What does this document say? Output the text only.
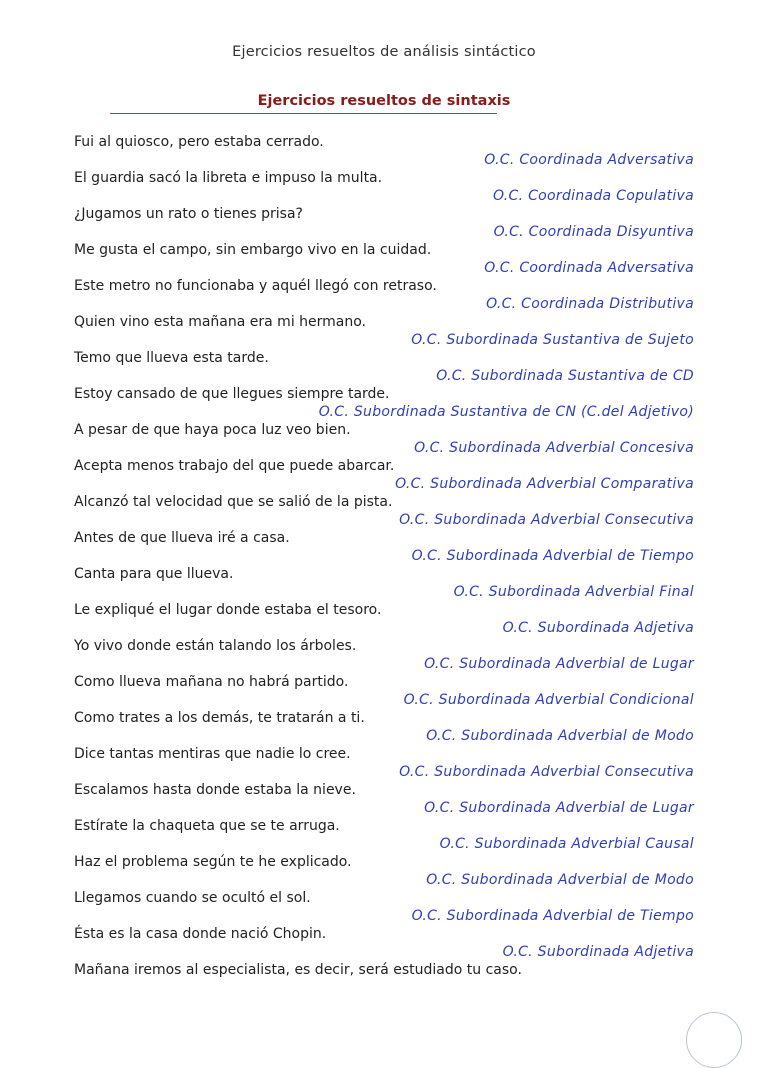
Ejercicios resueltos de análisis sintáctico
Ejercicios resueltos de sintaxis
Fui al quiosco, pero estaba cerrado.
O.C. Coordinada Adversativa
El guardia sacó la libreta e impuso la multa.
O.C. Coordinada Copulativa
¿Jugamos un rato o tienes prisa?
O.C. Coordinada Disyuntiva
Me gusta el campo, sin embargo vivo en la cuidad.
O.C. Coordinada Adversativa
Este metro no funcionaba y aquél llegó con retraso.
O.C. Coordinada Distributiva
Quien vino esta mañana era mi hermano.
O.C. Subordinada Sustantiva de Sujeto
Temo que llueva esta tarde.
O.C. Subordinada Sustantiva de CD
Estoy cansado de que llegues siempre tarde.
O.C. Subordinada Sustantiva de CN (C.del Adjetivo)
A pesar de que haya poca luz veo bien.
O.C. Subordinada Adverbial Concesiva
Acepta menos trabajo del que puede abarcar.
O.C. Subordinada Adverbial Comparativa
Alcanzó tal velocidad que se salió de la pista.
O.C. Subordinada Adverbial Consecutiva
Antes de que llueva iré a casa.
O.C. Subordinada Adverbial de Tiempo
Canta para que llueva.
O.C. Subordinada Adverbial Final
Le expliqué el lugar donde estaba el tesoro.
O.C. Subordinada Adjetiva
Yo vivo donde están talando los árboles.
O.C. Subordinada Adverbial de Lugar
Como llueva mañana no habrá partido.
O.C. Subordinada Adverbial Condicional
Como trates a los demás, te tratarán a ti.
O.C. Subordinada Adverbial de Modo
Dice tantas mentiras que nadie lo cree.
O.C. Subordinada Adverbial Consecutiva
Escalamos hasta donde estaba la nieve.
O.C. Subordinada Adverbial de Lugar
Estírate la chaqueta que se te arruga.
O.C. Subordinada Adverbial Causal
Haz el problema según te he explicado.
O.C. Subordinada Adverbial de Modo
Llegamos cuando se ocultó el sol.
O.C. Subordinada Adverbial de Tiempo
Ésta es la casa donde nació Chopin.
O.C. Subordinada Adjetiva
Mañana iremos al especialista, es decir, será estudiado tu caso.
